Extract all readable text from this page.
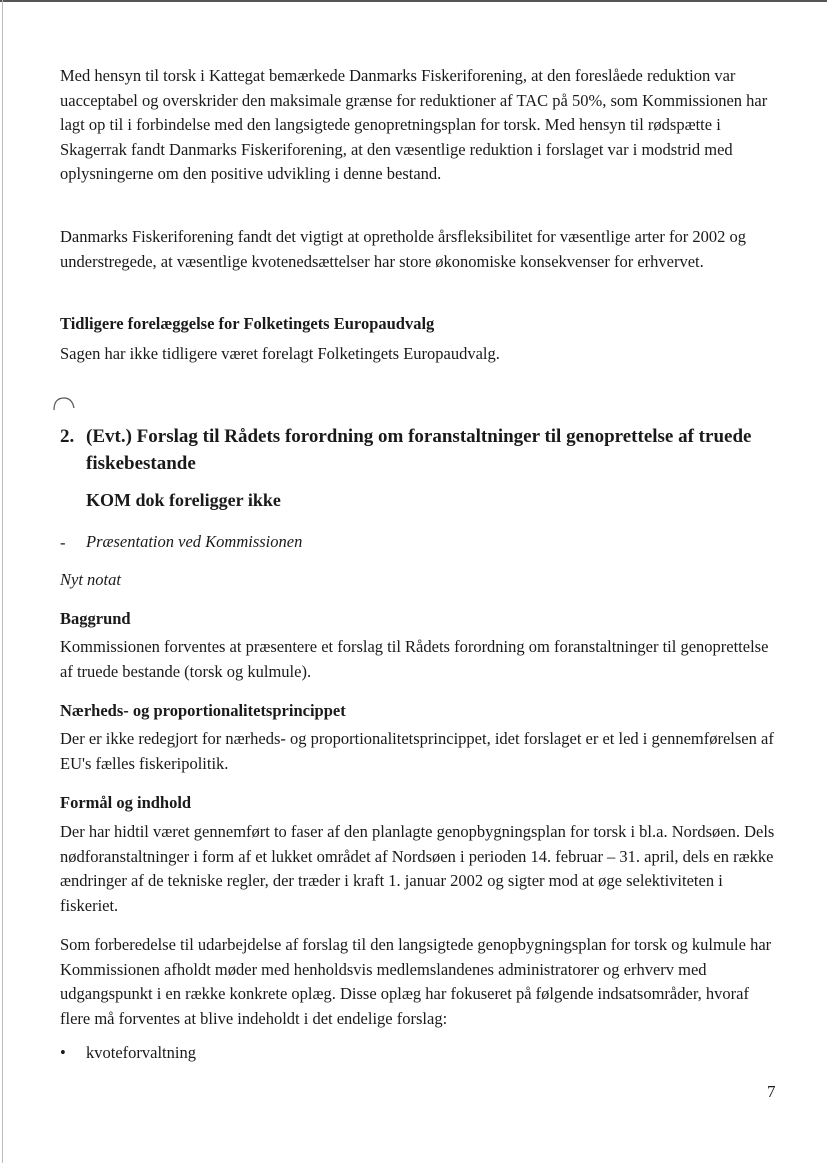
Med hensyn til torsk i Kattegat bemærkede Danmarks Fiskeriforening, at den foreslåede reduktion var uacceptabel og overskrider den maksimale grænse for reduktioner af TAC på 50%, som Kommissionen har lagt op til i forbindelse med den langsigtede genopretningsplan for torsk. Med hensyn til rødspætte i Skagerrak fandt Danmarks Fiskeriforening, at den væsentlige reduktion i forslaget var i modstrid med oplysningerne om den positive udvikling i denne bestand.

Danmarks Fiskeriforening fandt det vigtigt at opretholde årsfleksibilitet for væsentlige arter for 2002 og understregede, at væsentlige kvotenedsættelser har store økonomiske konsekvenser for erhvervet.

Tidligere forelæggelse for Folketingets Europaudvalg

Sagen har ikke tidligere været forelagt Folketingets Europaudvalg.

2. (Evt.) Forslag til Rådets forordning om foranstaltninger til genoprettelse af truede fiskebestande
KOM dok foreligger ikke
- Præsentation ved Kommissionen
Nyt notat
Baggrund

Kommissionen forventes at præsentere et forslag til Rådets forordning om foranstaltninger til genoprettelse af truede bestande (torsk og kulmule).

Nærheds- og proportionalitetsprincippet

Der er ikke redegjort for nærheds- og proportionalitetsprincippet, idet forslaget er et led i gennemførelsen af EU's fælles fiskeripolitik.

Formål og indhold

Der har hidtil været gennemført to faser af den planlagte genopbygningsplan for torsk i bl.a. Nordsøen. Dels nødforanstaltninger i form af et lukket området af Nordsøen i perioden 14. februar – 31. april, dels en række ændringer af de tekniske regler, der træder i kraft 1. januar 2002 og sigter mod at øge selektiviteten i fiskeriet.

Som forberedelse til udarbejdelse af forslag til den langsigtede genopbygningsplan for torsk og kulmule har Kommissionen afholdt møder med henholdsvis medlemslandenes administratorer og erhverv med udgangspunkt i en række konkrete oplæg. Disse oplæg har fokuseret på følgende indsatsområder, hvoraf flere må forventes at blive indeholdt i det endelige forslag:

• kvoteforvaltning
7
